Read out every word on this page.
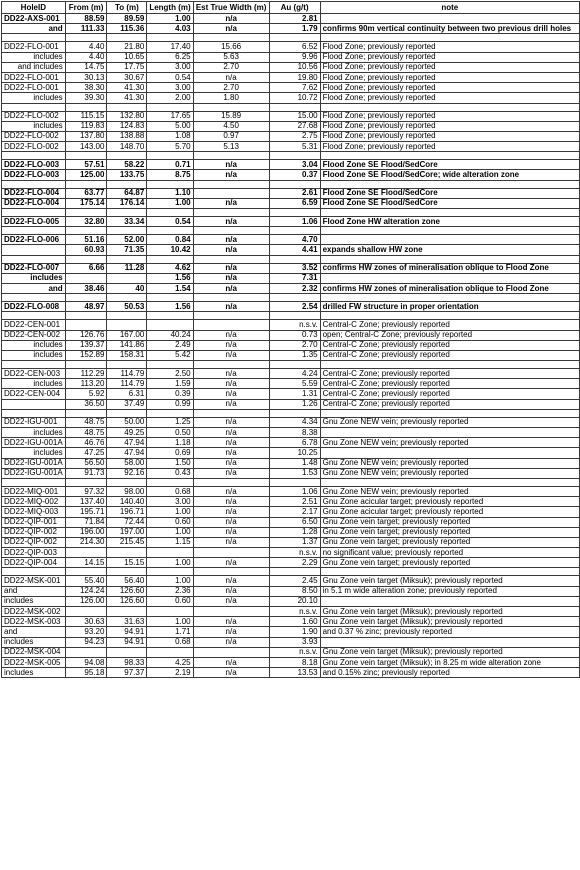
HoleID	From (m)	To (m)	Length (m)	Est True Width (m)	Au (g/t)	note
DD22-AXS-001	88.59	89.59	1.00	n/a	2.81	
and	111.33	115.36	4.03	n/a	1.79	confirms 90m vertical continuity between two previous drill holes

DD22-FLO-001	4.40	21.80	17.40	15.66	6.52	Flood Zone; previously reported
includes	4.40	10.65	6.25	5.63	9.96	Flood Zone; previously reported
and includes	14.75	17.75	3.00	2.70	10.56	Flood Zone; previously reported
DD22-FLO-001	30.13	30.67	0.54	n/a	19.80	Flood Zone; previously reported
DD22-FLO-001	38.30	41.30	3.00	2.70	7.62	Flood Zone; previously reported
includes	39.30	41.30	2.00	1.80	10.72	Flood Zone; previously reported

DD22-FLO-002	115.15	132.80	17.65	15.89	15.00	Flood Zone; previously reported
includes	119.83	124.83	5.00	4.50	27.68	Flood Zone; previously reported
DD22-FLO-002	137.80	138.88	1.08	0.97	2.75	Flood Zone; previously reported
DD22-FLO-002	143.00	148.70	5.70	5.13	5.31	Flood Zone; previously reported

DD22-FLO-003	57.51	58.22	0.71	n/a	3.04	Flood Zone SE Flood/SedCore
DD22-FLO-003	125.00	133.75	8.75	n/a	0.37	Flood Zone SE Flood/SedCore; wide alteration zone

DD22-FLO-004	63.77	64.87	1.10		2.61	Flood Zone SE Flood/SedCore
DD22-FLO-004	175.14	176.14	1.00	n/a	6.59	Flood Zone SE Flood/SedCore

DD22-FLO-005	32.80	33.34	0.54	n/a	1.06	Flood Zone HW alteration zone

DD22-FLO-006	51.16	52.00	0.84	n/a	4.70	
	60.93	71.35	10.42	n/a	4.41	expands shallow HW zone

DD22-FLO-007	6.66	11.28	4.62	n/a	3.52	confirms HW zones of mineralisation oblique to Flood Zone
includes			1.56	n/a	7.31	
and	38.46	40	1.54	n/a	2.32	confirms HW zones of mineralisation oblique to Flood Zone

DD22-FLO-008	48.97	50.53	1.56	n/a	2.54	drilled FW structure in proper orientation

DD22-CEN-001					n.s.v.	Central-C Zone; previously reported
DD22-CEN-002	126.76	167.00	40.24	n/a	0.73	open; Central-C Zone; previously reported
includes	139.37	141.86	2.49	n/a	2.70	Central-C Zone; previously reported
includes	152.89	158.31	5.42	n/a	1.35	Central-C Zone; previously reported

DD22-CEN-003	112.29	114.79	2.50	n/a	4.24	Central-C Zone; previously reported
includes	113.20	114.79	1.59	n/a	5.59	Central-C Zone; previously reported
DD22-CEN-004	5.92	6.31	0.39	n/a	1.31	Central-C Zone; previously reported
	36.50	37.49	0.99	n/a	1.26	Central-C Zone; previously reported

DD22-IGU-001	48.75	50.00	1.25	n/a	4.34	Gnu Zone NEW vein; previously reported
includes	48.75	49.25	0.50	n/a	8.38	
DD22-IGU-001A	46.76	47.94	1.18	n/a	6.78	Gnu Zone NEW vein; previously reported
includes	47.25	47.94	0.69	n/a	10.25	
DD22-IGU-001A	56.50	58.00	1.50	n/a	1.48	Gnu Zone NEW vein; previously reported
DD22-IGU-001A	91.73	92.16	0.43	n/a	1.53	Gnu Zone NEW vein; previously reported

DD22-MIQ-001	97.32	98.00	0.68	n/a	1.06	Gnu Zone NEW vein; previously reported
DD22-MIQ-002	137.40	140.40	3.00	n/a	2.51	Gnu Zone acicular target; previously reported
DD22-MIQ-003	195.71	196.71	1.00	n/a	2.17	Gnu Zone acicular target; previously reported
DD22-QIP-001	71.84	72.44	0.60	n/a	6.50	Gnu Zone vein target; previously reported
DD22-QIP-002	196.00	197.00	1.00	n/a	1.28	Gnu Zone vein target; previously reported
DD22-QIP-002	214.30	215.45	1.15	n/a	1.37	Gnu Zone vein target; previously reported
DD22-QIP-003					n.s.v.	no significant value; previously reported
DD22-QIP-004	14.15	15.15	1.00	n/a	2.29	Gnu Zone vein target; previously reported

DD22-MSK-001	55.40	56.40	1.00	n/a	2.45	Gnu Zone vein target (Miksuk); previously reported
and	124.24	126.60	2.36	n/a	8.50	in 5.1 m wide alteration zone; previously reported
includes	126.00	126.60	0.60	n/a	20.10	
DD22-MSK-002					n.s.v.	Gnu Zone vein target (Miksuk); previously reported
DD22-MSK-003	30.63	31.63	1.00	n/a	1.60	Gnu Zone vein target (Miksuk); previously reported
and	93.20	94.91	1.71	n/a	1.90	and 0.37 % zinc; previously reported
includes	94.23	94.91	0.68	n/a	3.93	
DD22-MSK-004					n.s.v.	Gnu Zone vein target (Miksuk); previously reported
DD22-MSK-005	94.08	98.33	4.25	n/a	8.18	Gnu Zone vein target (Miksuk); in 8.25 m wide alteration zone
includes	95.18	97.37	2.19	n/a	13.53	and 0.15% zinc; previously reported
